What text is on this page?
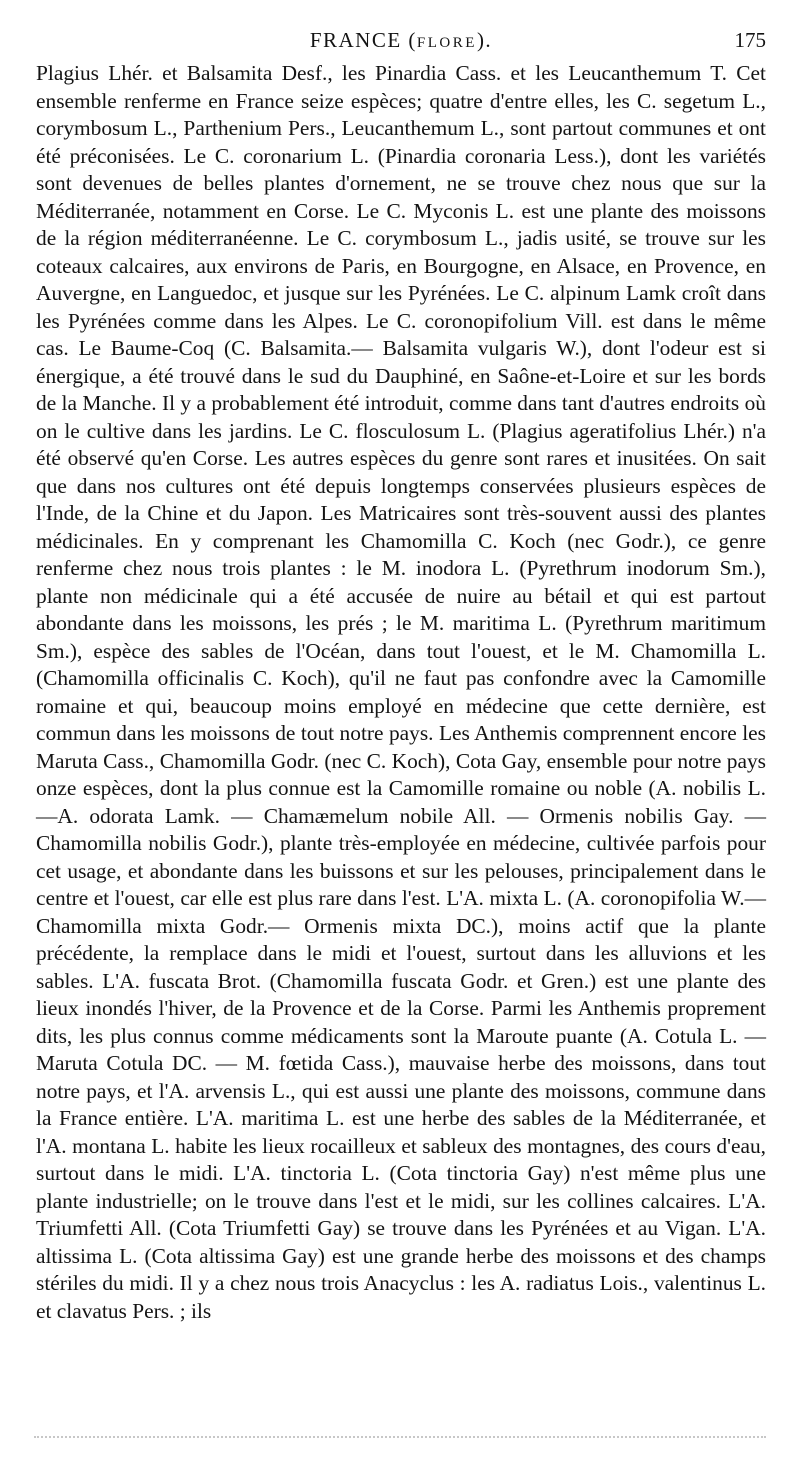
FRANCE (FLORE).	175

Plagius Lhér. et Balsamita Desf., les Pinardia Cass. et les Leucanthemum T. Cet ensemble renferme en France seize espèces; quatre d'entre elles, les C. segetum L., corymbosum L., Parthenium Pers., Leucanthemum L., sont partout communes et ont été préconisées. Le C. coronarium L. (Pinardia coronaria Less.), dont les variétés sont devenues de belles plantes d'ornement, ne se trouve chez nous que sur la Méditerranée, notamment en Corse. Le C. Myconis L. est une plante des moissons de la région méditerranéenne. Le C. corymbosum L., jadis usité, se trouve sur les coteaux calcaires, aux environs de Paris, en Bourgogne, en Alsace, en Provence, en Auvergne, en Languedoc, et jusque sur les Pyrénées. Le C. alpinum Lamk croît dans les Pyrénées comme dans les Alpes. Le C. coronopifolium Vill. est dans le même cas. Le Baume-Coq (C. Balsamita.— Balsamita vulgaris W.), dont l'odeur est si énergique, a été trouvé dans le sud du Dauphiné, en Saône-et-Loire et sur les bords de la Manche. Il y a probablement été introduit, comme dans tant d'autres endroits où on le cultive dans les jardins. Le C. flosculosum L. (Plagius ageratifolius Lhér.) n'a été observé qu'en Corse. Les autres espèces du genre sont rares et inusitées. On sait que dans nos cultures ont été depuis longtemps conservées plusieurs espèces de l'Inde, de la Chine et du Japon. Les Matricaires sont très-souvent aussi des plantes médicinales. En y comprenant les Chamomilla C. Koch (nec Godr.), ce genre renferme chez nous trois plantes : le M. inodora L. (Pyrethrum inodorum Sm.), plante non médicinale qui a été accusée de nuire au bétail et qui est partout abondante dans les moissons, les prés ; le M. maritima L. (Pyrethrum maritimum Sm.), espèce des sables de l'Océan, dans tout l'ouest, et le M. Chamomilla L. (Chamomilla officinalis C. Koch), qu'il ne faut pas confondre avec la Camomille romaine et qui, beaucoup moins employé en médecine que cette dernière, est commun dans les moissons de tout notre pays. Les Anthemis comprennent encore les Maruta Cass., Chamomilla Godr. (nec C. Koch), Cota Gay, ensemble pour notre pays onze espèces, dont la plus connue est la Camomille romaine ou noble (A. nobilis L. —A. odorata Lamk. — Chamæmelum nobile All. — Ormenis nobilis Gay. — Chamomilla nobilis Godr.), plante très-employée en médecine, cultivée parfois pour cet usage, et abondante dans les buissons et sur les pelouses, principalement dans le centre et l'ouest, car elle est plus rare dans l'est. L'A. mixta L. (A. coronopifolia W.— Chamomilla mixta Godr.— Ormenis mixta DC.), moins actif que la plante précédente, la remplace dans le midi et l'ouest, surtout dans les alluvions et les sables. L'A. fuscata Brot. (Chamomilla fuscata Godr. et Gren.) est une plante des lieux inondés l'hiver, de la Provence et de la Corse. Parmi les Anthemis proprement dits, les plus connus comme médicaments sont la Maroute puante (A. Cotula L. — Maruta Cotula DC. — M. fœtida Cass.), mauvaise herbe des moissons, dans tout notre pays, et l'A. arvensis L., qui est aussi une plante des moissons, commune dans la France entière. L'A. maritima L. est une herbe des sables de la Méditerranée, et l'A. montana L. habite les lieux rocailleux et sableux des montagnes, des cours d'eau, surtout dans le midi. L'A. tinctoria L. (Cota tinctoria Gay) n'est même plus une plante industrielle; on le trouve dans l'est et le midi, sur les collines calcaires. L'A. Triumfetti All. (Cota Triumfetti Gay) se trouve dans les Pyrénées et au Vigan. L'A. altissima L. (Cota altissima Gay) est une grande herbe des moissons et des champs stériles du midi. Il y a chez nous trois Anacyclus : les A. radiatus Lois., valentinus L. et clavatus Pers. ; ils
